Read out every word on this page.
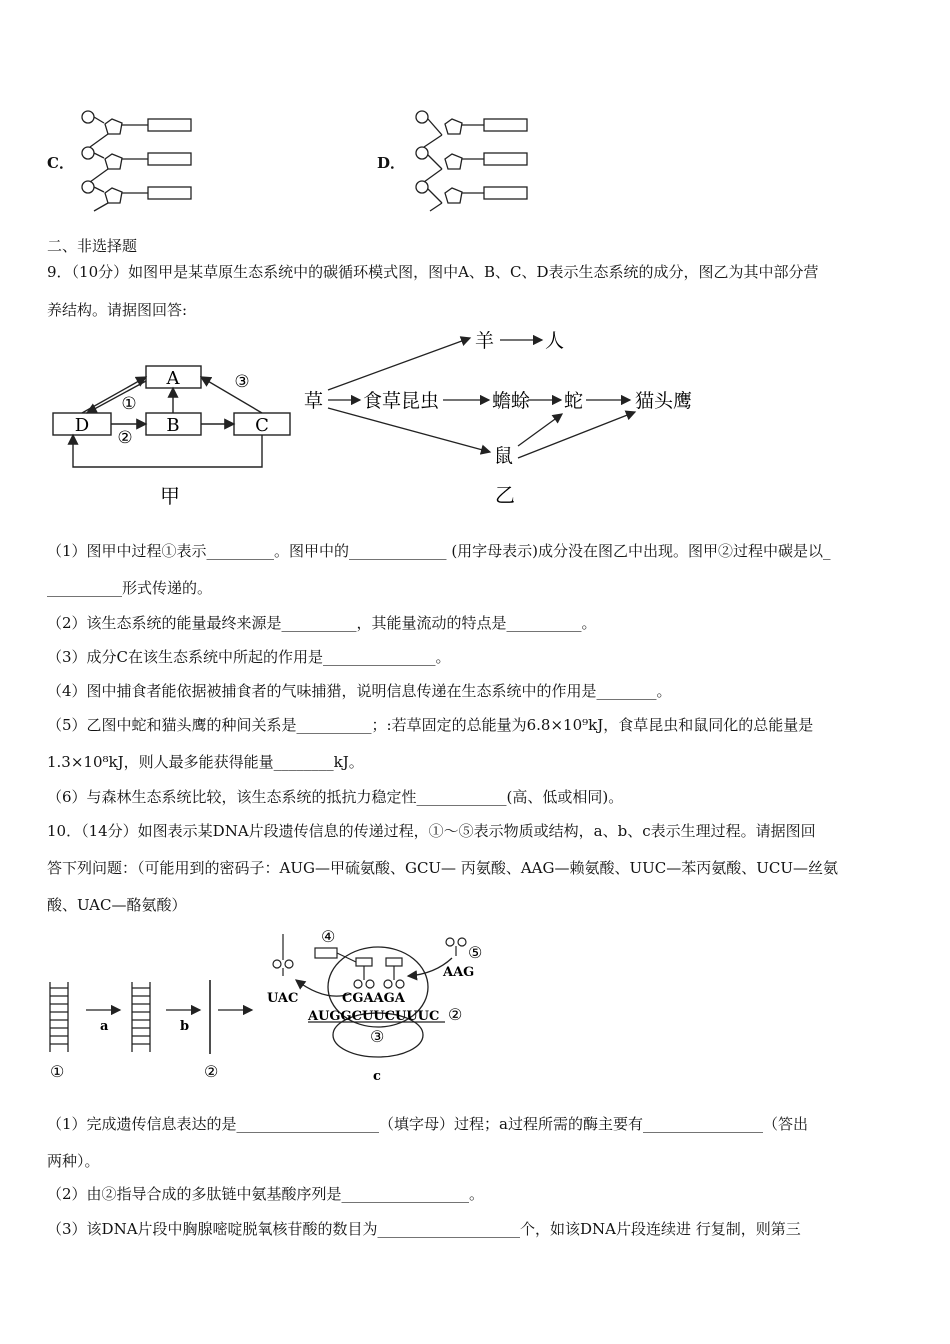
C．	D．
二、非选择题
9．（10分）如图甲是某草原生态系统中的碳循环模式图，图中A、B、C、D表示生态系统的成分，图乙为其中部分营
养结构。请据图回答:
A
B	C
D
①
②
③
甲
草 食草昆虫	蟾蜍 蛇	猫头鹰
羊	人
鼠
乙
（1）图甲中过程①表示_________。图甲中的_____________ (用字母表示)成分没在图乙中出现。图甲②过程中碳是以_
__________形式传递的。
（2）该生态系统的能量最终来源是__________，其能量流动的特点是__________。
（3）成分C在该生态系统中所起的作用是_______________。
（4）图中捕食者能依据被捕食者的气味捕猎，说明信息传递在生态系统中的作用是________。
（5）乙图中蛇和猫头鹰的种间关系是__________；:若草固定的总能量为6.8×10⁹kJ，食草昆虫和鼠同化的总能量是
1.3×10⁸kJ，则人最多能获得能量________kJ。
（6）与森林生态系统比较，该生态系统的抵抗力稳定性____________(高、低或相同)。
10．（14分）如图表示某DNA片段遗传信息的传递过程，①～⑤表示物质或结构，a、b、c表示生理过程。请据图回
答下列问题：（可能用到的密码子：AUG—甲硫氨酸、GCU— 丙氨酸、AAG—赖氨酸、UUC—苯丙氨酸、UCU—丝氨
酸、UAC—酪氨酸）
a	b
④
⑤
UAC	CGAAGA
AAG
AUGGCUUCUUUC ②
③
①	②	c
（1）完成遗传信息表达的是___________________（填字母）过程；a过程所需的酶主要有________________（答出
两种）。
（2）由②指导合成的多肽链中氨基酸序列是_________________。
（3）该DNA片段中胸腺嘧啶脱氧核苷酸的数目为___________________个，如该DNA片段连续进 行复制，则第三
